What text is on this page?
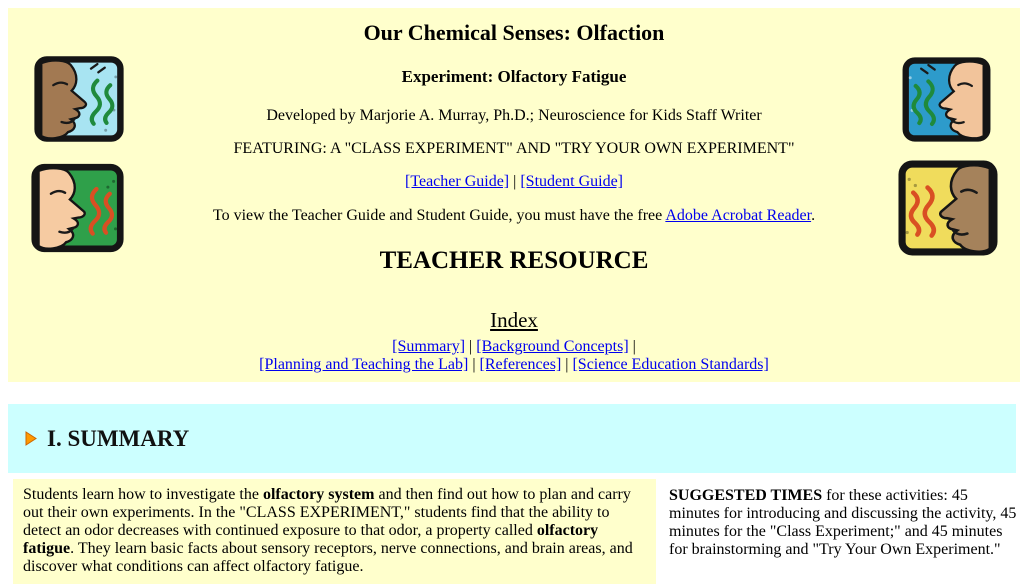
Our Chemical Senses: Olfaction
Experiment: Olfactory Fatigue

Developed by Marjorie A. Murray, Ph.D.; Neuroscience for Kids Staff Writer

FEATURING: A "CLASS EXPERIMENT" AND "TRY YOUR OWN EXPERIMENT"

[Teacher Guide] | [Student Guide]

To view the Teacher Guide and Student Guide, you must have the free Adobe Acrobat Reader.

TEACHER RESOURCE
Index

[Summary] | [Background Concepts] |

[Planning and Teaching the Lab] | [References] | [Science Education Standards]

I. SUMMARY

Students learn how to investigate the olfactory system and then find out how to plan and carry out their own experiments. In the "CLASS EXPERIMENT," students find that the ability to detect an odor decreases with continued exposure to that odor, a property called olfactory fatigue. They learn basic facts about sensory receptors, nerve connections, and brain areas, and discover what conditions can affect olfactory fatigue.

SUGGESTED TIMES for these activities: 45 minutes for introducing and discussing the activity, 45 minutes for the "Class Experiment;" and 45 minutes for brainstorming and "Try Your Own Experiment."
